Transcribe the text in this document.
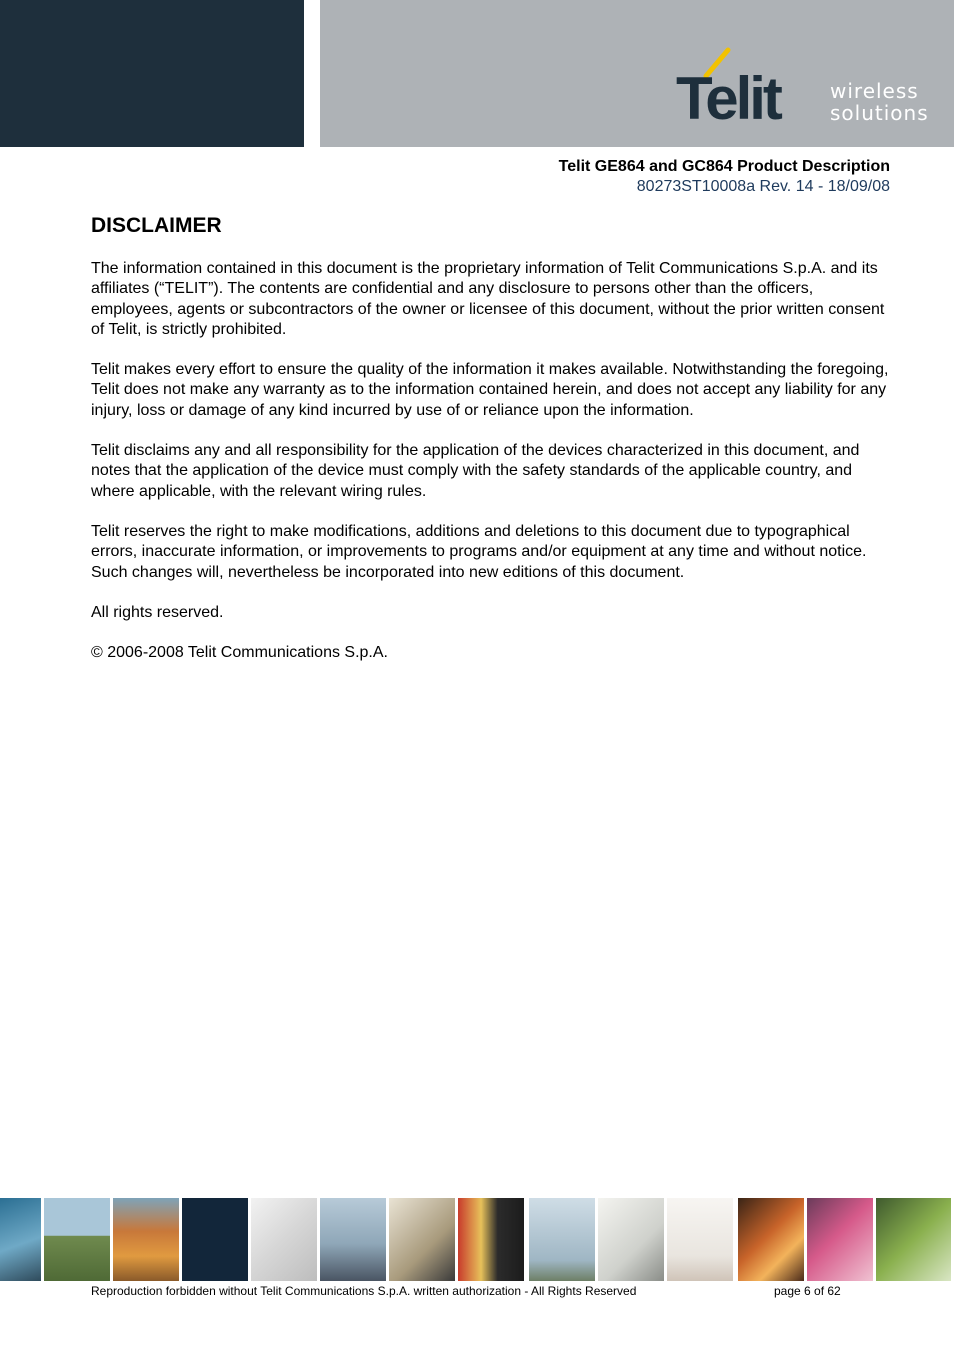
Telit	wireless
solutions
Telit GE864 and GC864 Product Description
80273ST10008a Rev. 14 - 18/09/08
DISCLAIMER

The information contained in this document is the proprietary information of Telit Communications S.p.A. and its affiliates (“TELIT”). The contents are confidential and any disclosure to persons other than the officers, employees, agents or subcontractors of the owner or licensee of this document, without the prior written consent of Telit, is strictly prohibited.

Telit makes every effort to ensure the quality of the information it makes available. Notwithstanding the foregoing, Telit does not make any warranty as to the information contained herein, and does not accept any liability for any injury, loss or damage of any kind incurred by use of or reliance upon the information.

Telit disclaims any and all responsibility for the application of the devices characterized in this document, and notes that the application of the device must comply with the safety standards of the applicable country, and where applicable, with the relevant wiring rules.

Telit reserves the right to make modifications, additions and deletions to this document due to typographical errors, inaccurate information, or improvements to programs and/or equipment at any time and without notice. Such changes will, nevertheless be incorporated into new editions of this document.

All rights reserved.

© 2006-2008 Telit Communications S.p.A.

Reproduction forbidden without Telit Communications S.p.A. written authorization - All Rights Reserved	page 6 of 62
